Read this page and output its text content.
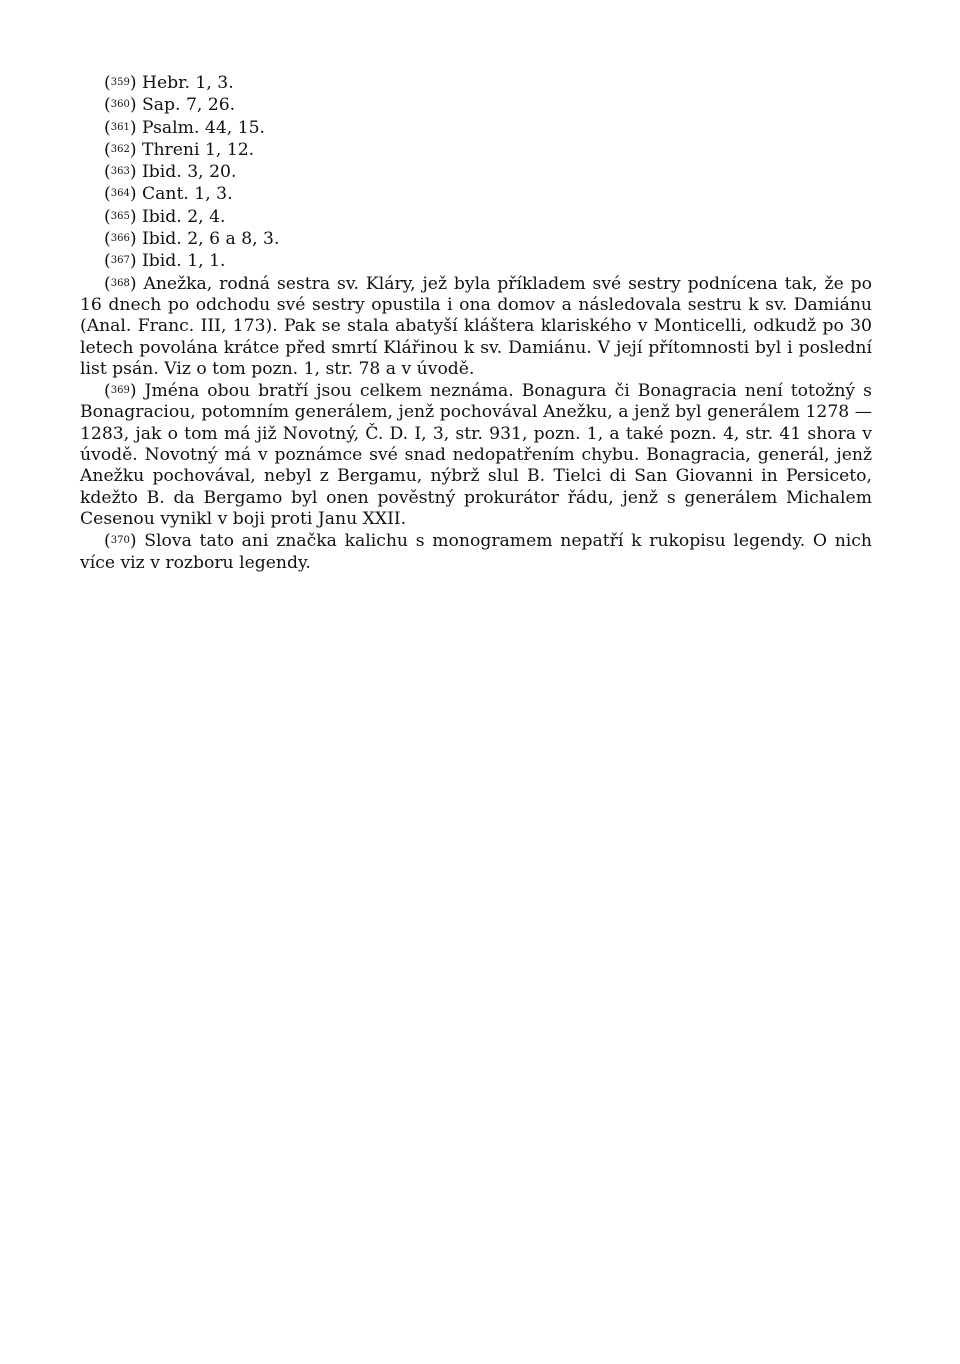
(359) Hebr. 1, 3.

(360) Sap. 7, 26.

(361) Psalm. 44, 15.

(362) Threni 1, 12.

(363) Ibid. 3, 20.

(364) Cant. 1, 3.

(365) Ibid. 2, 4.

(366) Ibid. 2, 6 a 8, 3.

(367) Ibid. 1, 1.

(368) Anežka, rodná sestra sv. Kláry, jež byla příkladem své sestry podnícena tak, že po 16 dnech po odchodu své sestry opustila i ona domov a následovala sestru k sv. Damiánu (Anal. Franc. III, 173). Pak se stala abatyší kláštera klariského v Monticelli, odkudž po 30 letech povolána krátce před smrtí Klářinou k sv. Damiánu. V její přítomnosti byl i poslední list psán. Viz o tom pozn. 1, str. 78 a v úvodě.

(369) Jména obou bratří jsou celkem neznáma. Bonagura či Bonagracia není totožný s Bonagraciou, potomním generálem, jenž pochovával Anežku, a jenž byl generálem 1278 — 1283, jak o tom má již Novotný, Č. D. I, 3, str. 931, pozn. 1, a také pozn. 4, str. 41 shora v úvodě. Novotný má v poznámce své snad nedopatřením chybu. Bonagracia, generál, jenž Anežku pochovával, nebyl z Bergamu, nýbrž slul B. Tielci di San Giovanni in Persiceto, kdežto B. da Bergamo byl onen pověstný prokurátor řádu, jenž s generálem Michalem Cesenou vynikl v boji proti Janu XXII.

(370) Slova tato ani značka kalichu s monogramem nepatří k rukopisu legendy. O nich více viz v rozboru legendy.
